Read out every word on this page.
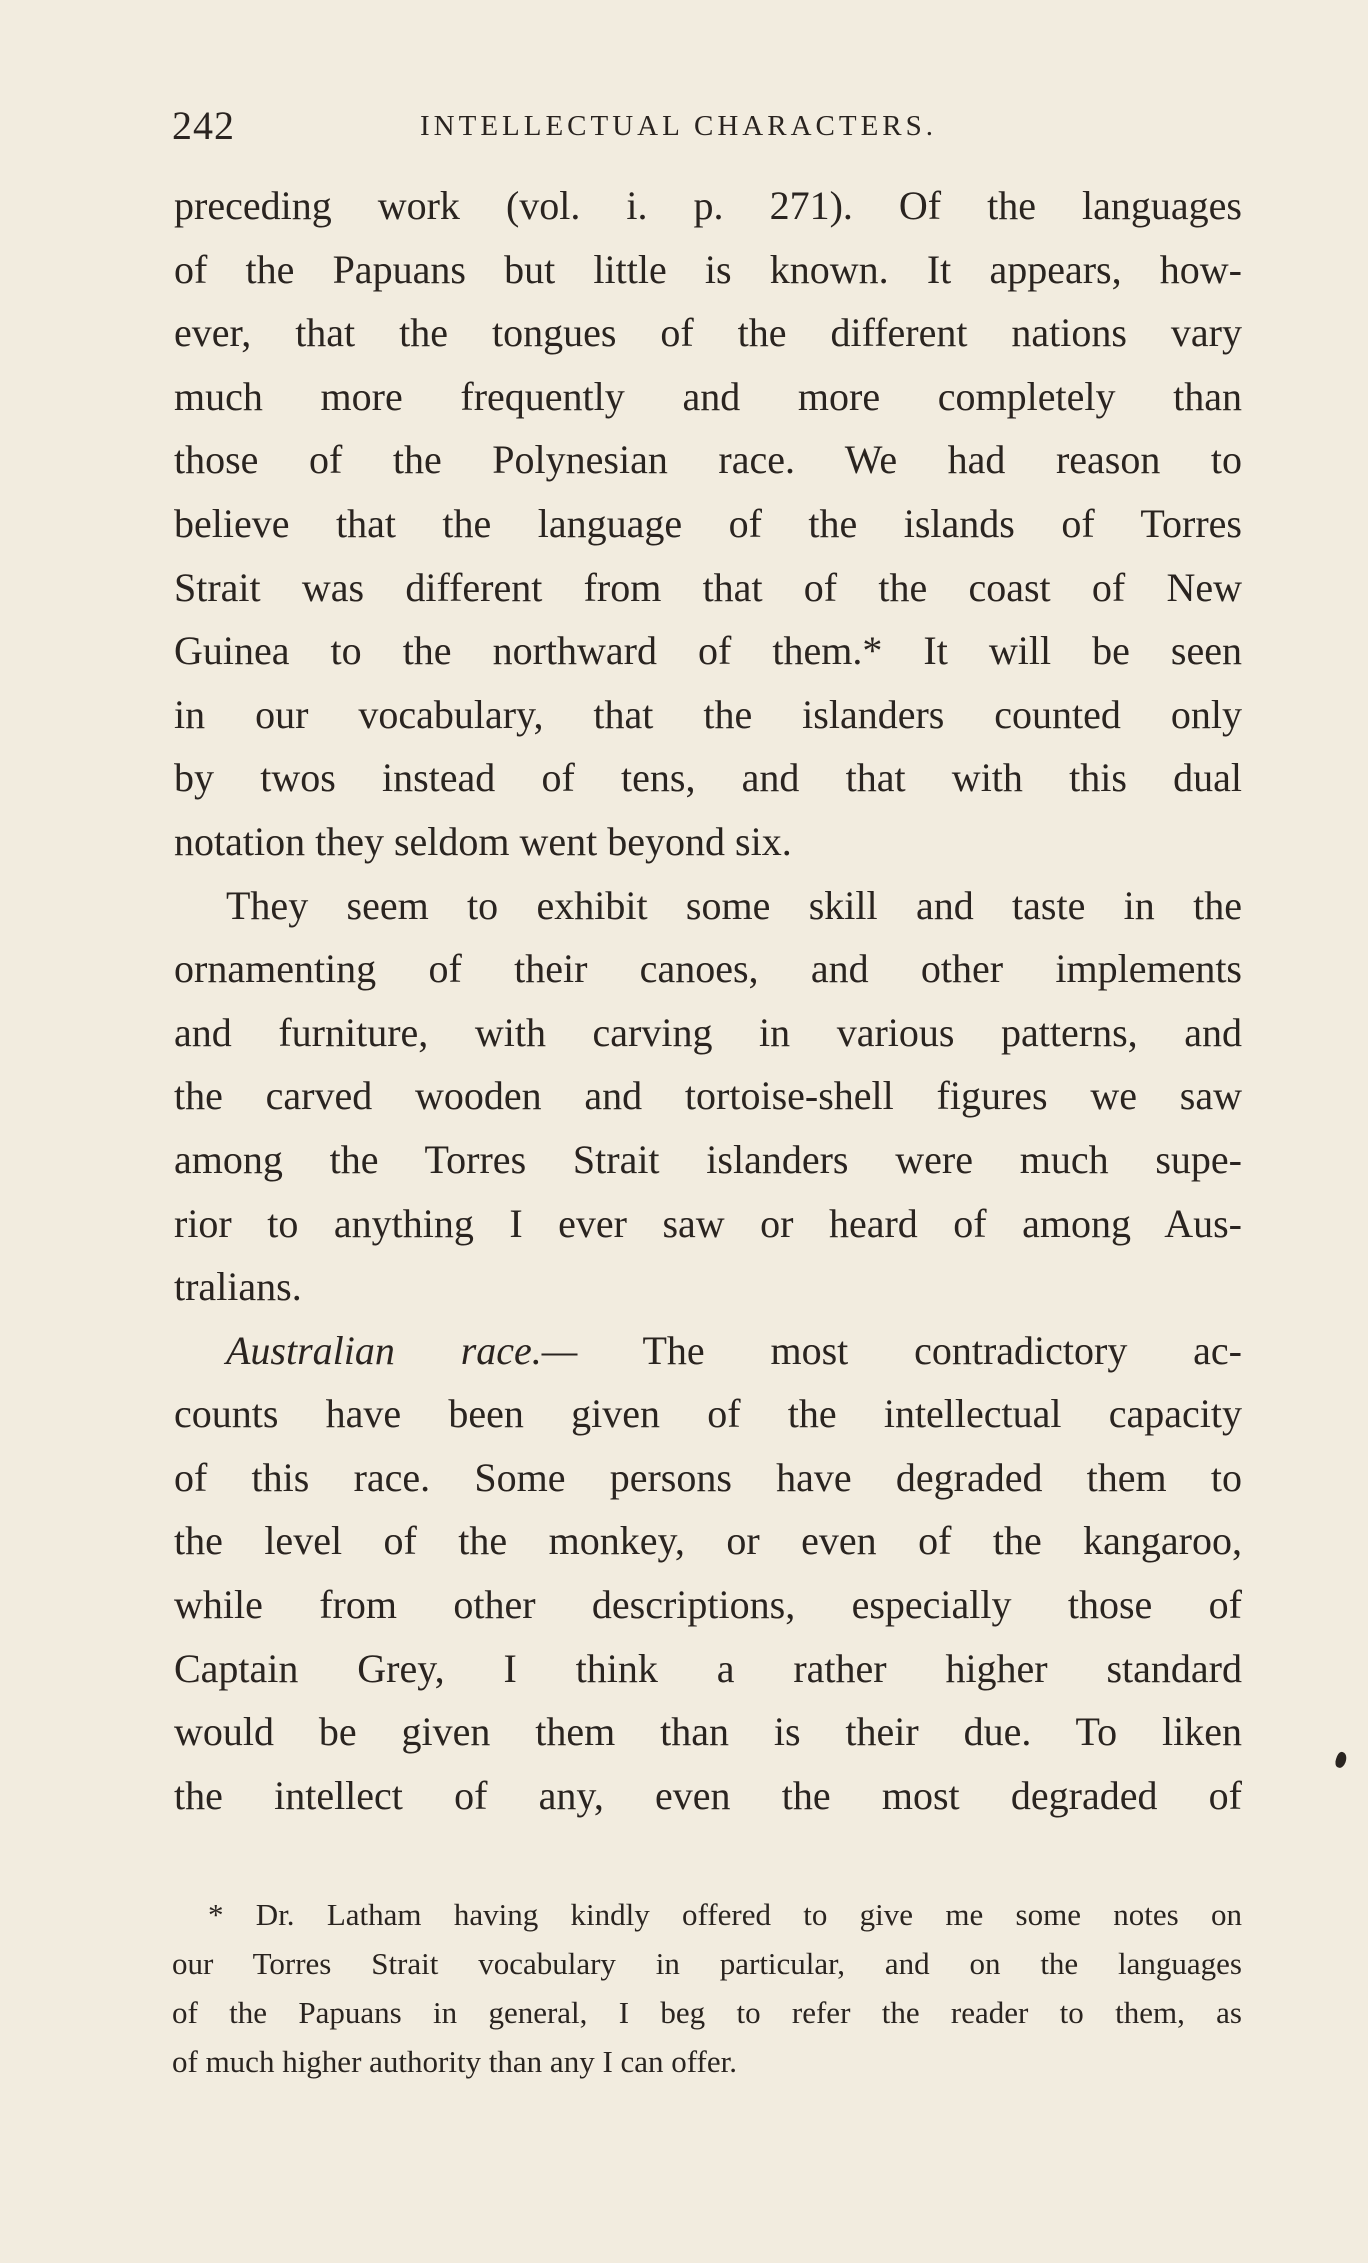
242	INTELLECTUAL CHARACTERS.
preceding work (vol. i. p. 271). Of the languages
of the Papuans but little is known. It appears, how-
ever, that the tongues of the different nations vary
much more frequently and more completely than
those of the Polynesian race. We had reason to
believe that the language of the islands of Torres
Strait was different from that of the coast of New
Guinea to the northward of them.* It will be seen
in our vocabulary, that the islanders counted only
by twos instead of tens, and that with this dual
notation they seldom went beyond six.
They seem to exhibit some skill and taste in the
ornamenting of their canoes, and other implements
and furniture, with carving in various patterns, and
the carved wooden and tortoise-shell figures we saw
among the Torres Strait islanders were much supe-
rior to anything I ever saw or heard of among Aus-
tralians.
Australian race.— The most contradictory ac-
counts have been given of the intellectual capacity
of this race. Some persons have degraded them to
the level of the monkey, or even of the kangaroo,
while from other descriptions, especially those of
Captain Grey, I think a rather higher standard
would be given them than is their due. To liken
the intellect of any, even the most degraded of
* Dr. Latham having kindly offered to give me some notes on
our Torres Strait vocabulary in particular, and on the languages
of the Papuans in general, I beg to refer the reader to them, as
of much higher authority than any I can offer.
